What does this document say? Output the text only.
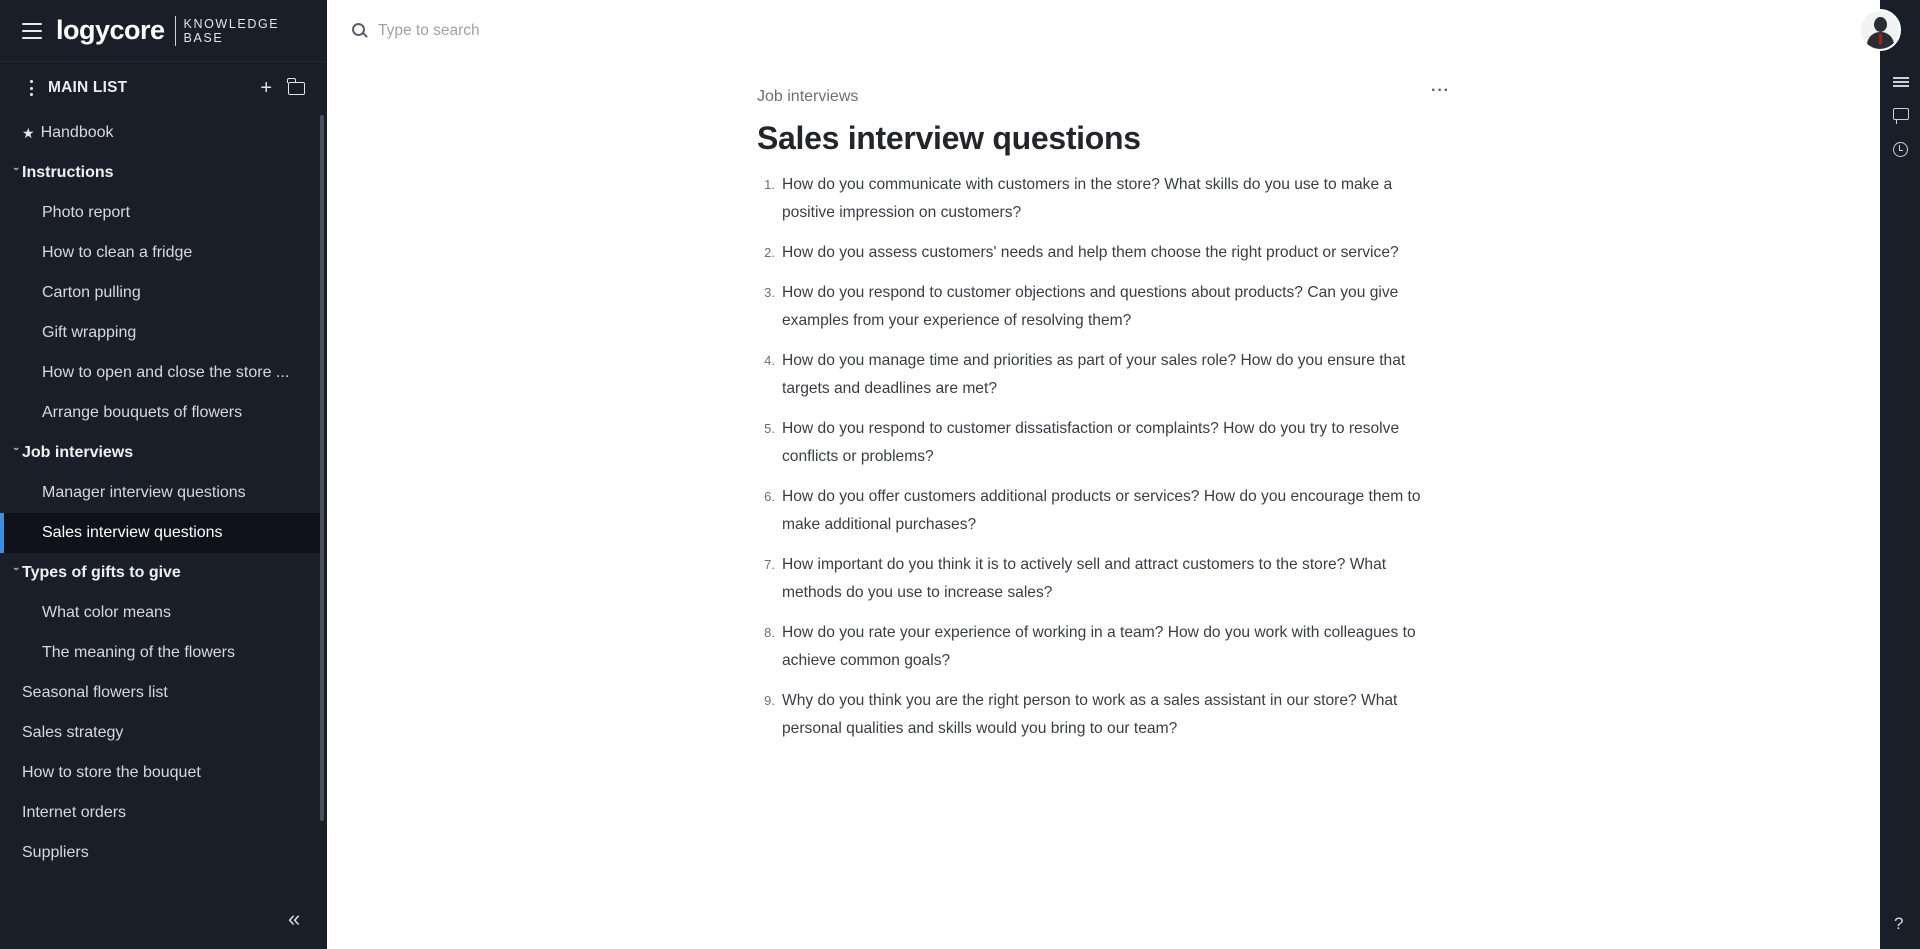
logycore KNOWLEDGE
BASE
MAIN LIST	+
★ Handbook
› Instructions
Photo report
How to clean a fridge
Carton pulling
Gift wrapping
How to open and close the store ...
Arrange bouquets of flowers
› Job interviews
Manager interview questions
Sales interview questions
› Types of gifts to give
What color means
The meaning of the flowers
Seasonal flowers list
Sales strategy
How to store the bouquet
Internet orders
Suppliers
«
Type to search	?
Job interviews	···
Sales interview questions
1. How do you communicate with customers in the store? What skills do you use to make a positive impression on customers?
2. How do you assess customers' needs and help them choose the right product or service?
3. How do you respond to customer objections and questions about products? Can you give examples from your experience of resolving them?
4. How do you manage time and priorities as part of your sales role? How do you ensure that targets and deadlines are met?
5. How do you respond to customer dissatisfaction or complaints? How do you try to resolve conflicts or problems?
6. How do you offer customers additional products or services? How do you encourage them to make additional purchases?
7. How important do you think it is to actively sell and attract customers to the store? What methods do you use to increase sales?
8. How do you rate your experience of working in a team? How do you work with colleagues to achieve common goals?
9. Why do you think you are the right person to work as a sales assistant in our store? What personal qualities and skills would you bring to our team?
